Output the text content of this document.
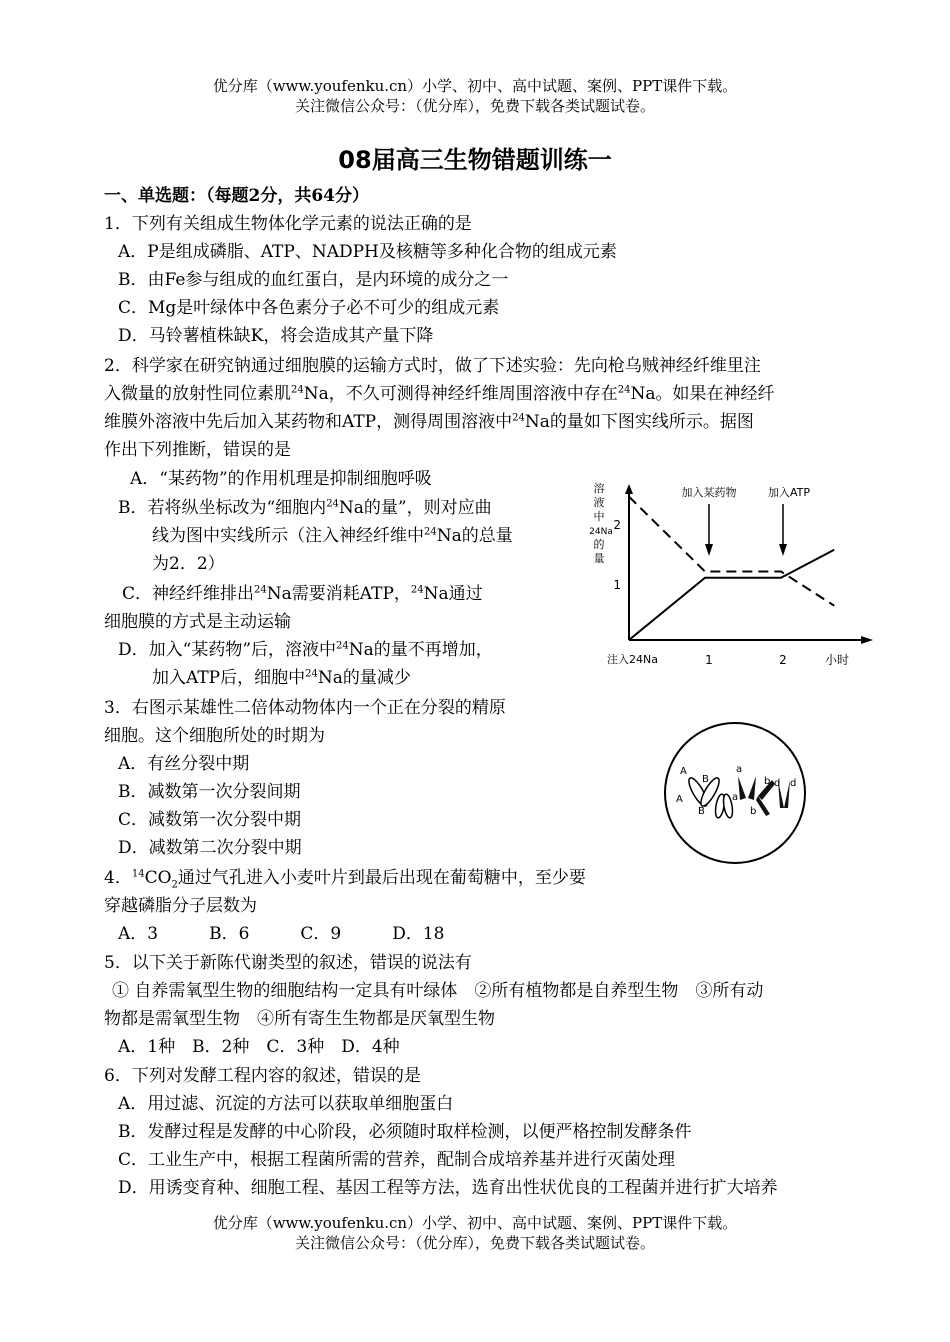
优分库（www.youfenku.cn）小学、初中、高中试题、案例、PPT课件下载。
关注微信公众号：（优分库），免费下载各类试题试卷。
08届高三生物错题训练一
一、单选题：（每题2分，共64分）
1．下列有关组成生物体化学元素的说法正确的是
A．P是组成磷脂、ATP、NADPH及核糖等多种化合物的组成元素
B．由Fe参与组成的血红蛋白，是内环境的成分之一
C．Mg是叶绿体中各色素分子必不可少的组成元素
D．马铃薯植株缺K，将会造成其产量下降
2．科学家在研究钠通过细胞膜的运输方式时，做了下述实验：先向枪乌贼神经纤维里注
入微量的放射性同位素肌$^{24}$Na，不久可测得神经纤维周围溶液中存在$^{24}$Na。如果在神经纤
维膜外溶液中先后加入某药物和ATP，测得周围溶液中$^{24}$Na的量如下图实线所示。据图
作出下列推断，错误的是
A．“某药物”的作用机理是抑制细胞呼吸
B．若将纵坐标改为“细胞内$^{24}$Na的量”，则对应曲
线为图中实线所示（注入神经纤维中$^{24}$Na的总量
为2．2）
C．神经纤维排出$^{24}$Na需要消耗ATP，$^{24}$Na通过
细胞膜的方式是主动运输
D．加入“某药物”后，溶液中$^{24}$Na的量不再增加，
加入ATP后，细胞中$^{24}$Na的量减少
溶
液
中
24Na
的
量
1
2
注入24Na	1	2	小时
加入某药物	加入ATP
3．右图示某雄性二倍体动物体内一个正在分裂的精原
细胞。这个细胞所处的时期为
A．有丝分裂中期
B．减数第一次分裂间期
C．减数第一次分裂中期
D．减数第二次分裂中期
A
B
A
B
a
a
b
b
d d
4．$^{14}CO_2$通过气孔进入小麦叶片到最后出现在葡萄糖中，至少要
穿越磷脂分子层数为
A．3　　　B．6　　　C．9　　　D．18
5．以下关于新陈代谢类型的叙述，错误的说法有
① 自养需氧型生物的细胞结构一定具有叶绿体　②所有植物都是自养型生物　③所有动
物都是需氧型生物　④所有寄生生物都是厌氧型生物
A．1种　B．2种　C．3种　D．4种
6．下列对发酵工程内容的叙述，错误的是
A．用过滤、沉淀的方法可以获取单细胞蛋白
B．发酵过程是发酵的中心阶段，必须随时取样检测，以便严格控制发酵条件
C．工业生产中，根据工程菌所需的营养，配制合成培养基并进行灭菌处理
D．用诱变育种、细胞工程、基因工程等方法，选育出性状优良的工程菌并进行扩大培养
优分库（www.youfenku.cn）小学、初中、高中试题、案例、PPT课件下载。
关注微信公众号：（优分库），免费下载各类试题试卷。
